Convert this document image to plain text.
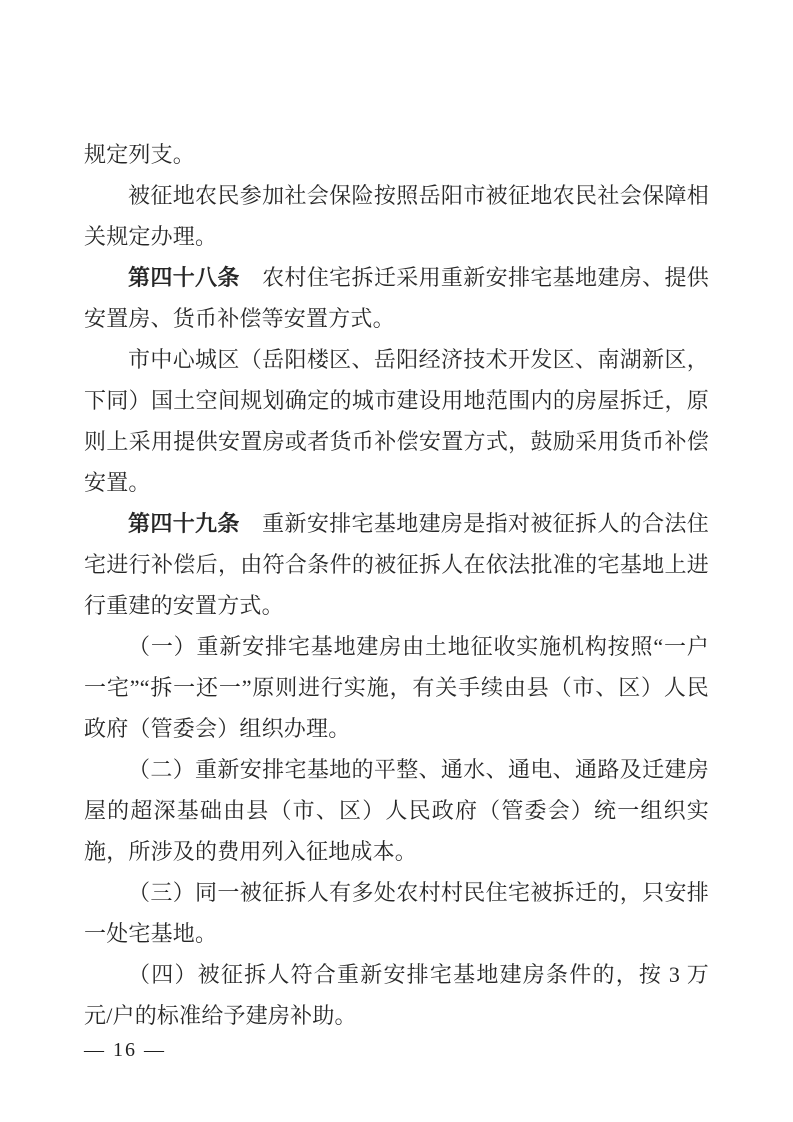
规定列支。

被征地农民参加社会保险按照岳阳市被征地农民社会保障相关规定办理。

第四十八条　农村住宅拆迁采用重新安排宅基地建房、提供安置房、货币补偿等安置方式。

市中心城区（岳阳楼区、岳阳经济技术开发区、南湖新区，下同）国土空间规划确定的城市建设用地范围内的房屋拆迁，原则上采用提供安置房或者货币补偿安置方式，鼓励采用货币补偿安置。

第四十九条　重新安排宅基地建房是指对被征拆人的合法住宅进行补偿后，由符合条件的被征拆人在依法批准的宅基地上进行重建的安置方式。

（一）重新安排宅基地建房由土地征收实施机构按照“一户一宅”“拆一还一”原则进行实施，有关手续由县（市、区）人民政府（管委会）组织办理。

（二）重新安排宅基地的平整、通水、通电、通路及迁建房屋的超深基础由县（市、区）人民政府（管委会）统一组织实施，所涉及的费用列入征地成本。

（三）同一被征拆人有多处农村村民住宅被拆迁的，只安排一处宅基地。

（四）被征拆人符合重新安排宅基地建房条件的，按 3 万元/户的标准给予建房补助。

— 16 —
